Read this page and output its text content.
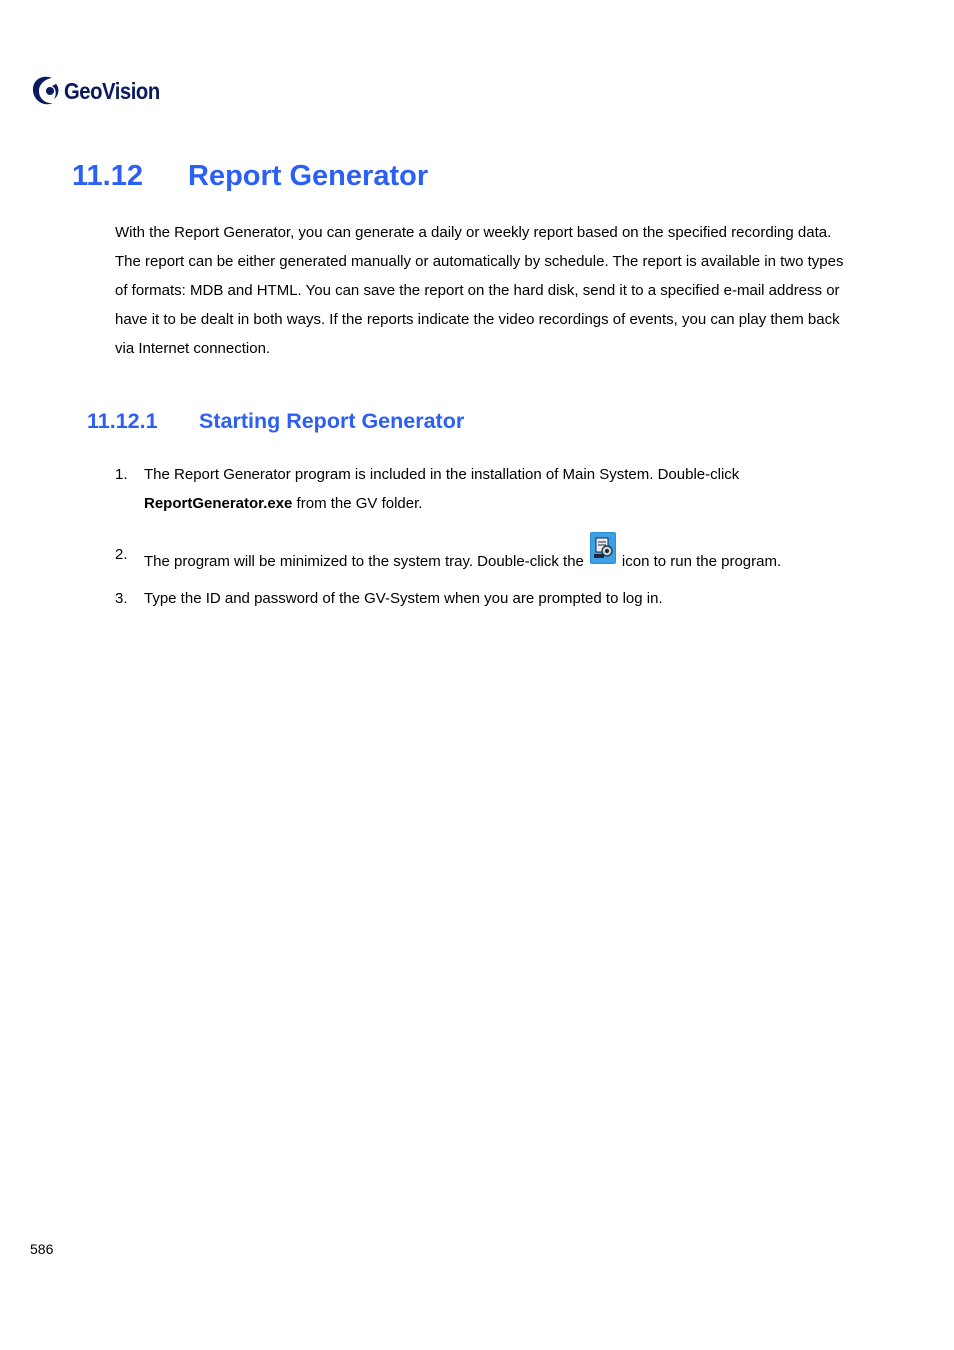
GeoVision
11.12 Report Generator

With the Report Generator, you can generate a daily or weekly report based on the specified recording data. The report can be either generated manually or automatically by schedule. The report is available in two types of formats: MDB and HTML. You can save the report on the hard disk, send it to a specified e-mail address or have it to be dealt in both ways. If the reports indicate the video recordings of events, you can play them back via Internet connection.

11.12.1 Starting Report Generator
1. The Report Generator program is included in the installation of Main System. Double-click ReportGenerator.exe from the GV folder.
2. The program will be minimized to the system tray. Double-click the	icon to run the program.
3. Type the ID and password of the GV-System when you are prompted to log in.
586
